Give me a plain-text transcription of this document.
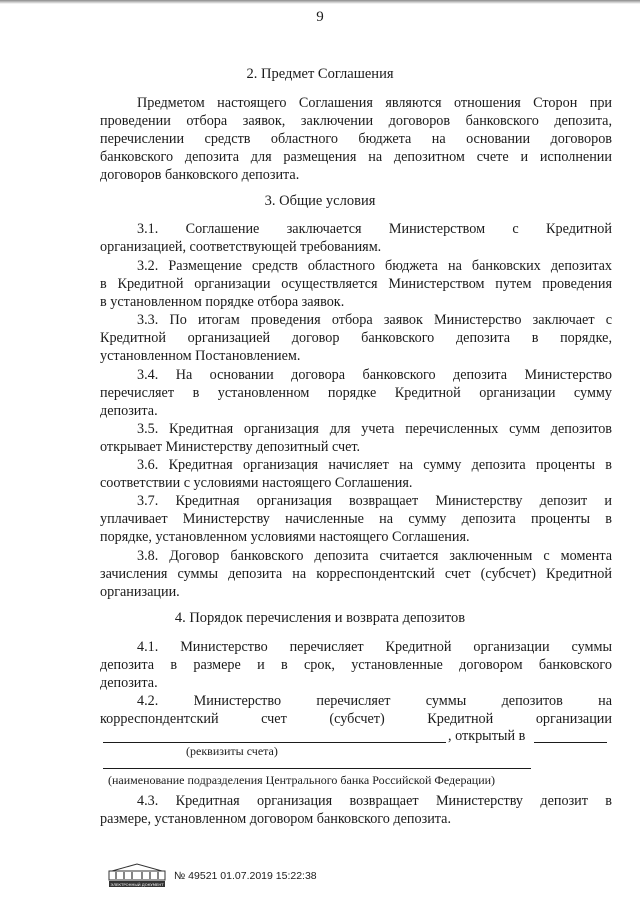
9
2. Предмет Соглашения
Предметом настоящего Соглашения являются отношения Сторон при
проведении отбора заявок, заключении договоров банковского депозита,
перечислении средств областного бюджета на основании договоров
банковского депозита для размещения на депозитном счете и исполнении
договоров банковского депозита.
3. Общие условия
3.1. Соглашение заключается Министерством с Кредитной
организацией, соответствующей требованиям.
3.2. Размещение средств областного бюджета на банковских депозитах
в Кредитной организации осуществляется Министерством путем проведения
в установленном порядке отбора заявок.
3.3. По итогам проведения отбора заявок Министерство заключает с
Кредитной организацией договор банковского депозита в порядке,
установленном Постановлением.
3.4. На основании договора банковского депозита Министерство
перечисляет в установленном порядке Кредитной организации сумму
депозита.
3.5. Кредитная организация для учета перечисленных сумм депозитов
открывает Министерству депозитный счет.
3.6. Кредитная организация начисляет на сумму депозита проценты в
соответствии с условиями настоящего Соглашения.
3.7. Кредитная организация возвращает Министерству депозит и
уплачивает Министерству начисленные на сумму депозита проценты в
порядке, установленном условиями настоящего Соглашения.
3.8. Договор банковского депозита считается заключенным с момента
зачисления суммы депозита на корреспондентский счет (субсчет) Кредитной
организации.
4. Порядок перечисления и возврата депозитов
4.1. Министерство перечисляет Кредитной организации суммы
депозита в размере и в срок, установленные договором банковского
депозита.
4.2. Министерство перечисляет суммы депозитов на
корреспондентский счет (субсчет) Кредитной организации
, открытый в
(реквизиты счета)
(наименование подразделения Центрального банка Российской Федерации)
4.3. Кредитная организация возвращает Министерству депозит в
размере, установленном договором банковского депозита.
ЭЛЕКТРОННЫЙ ДОКУМЕНТ
№ 49521 01.07.2019 15:22:38
